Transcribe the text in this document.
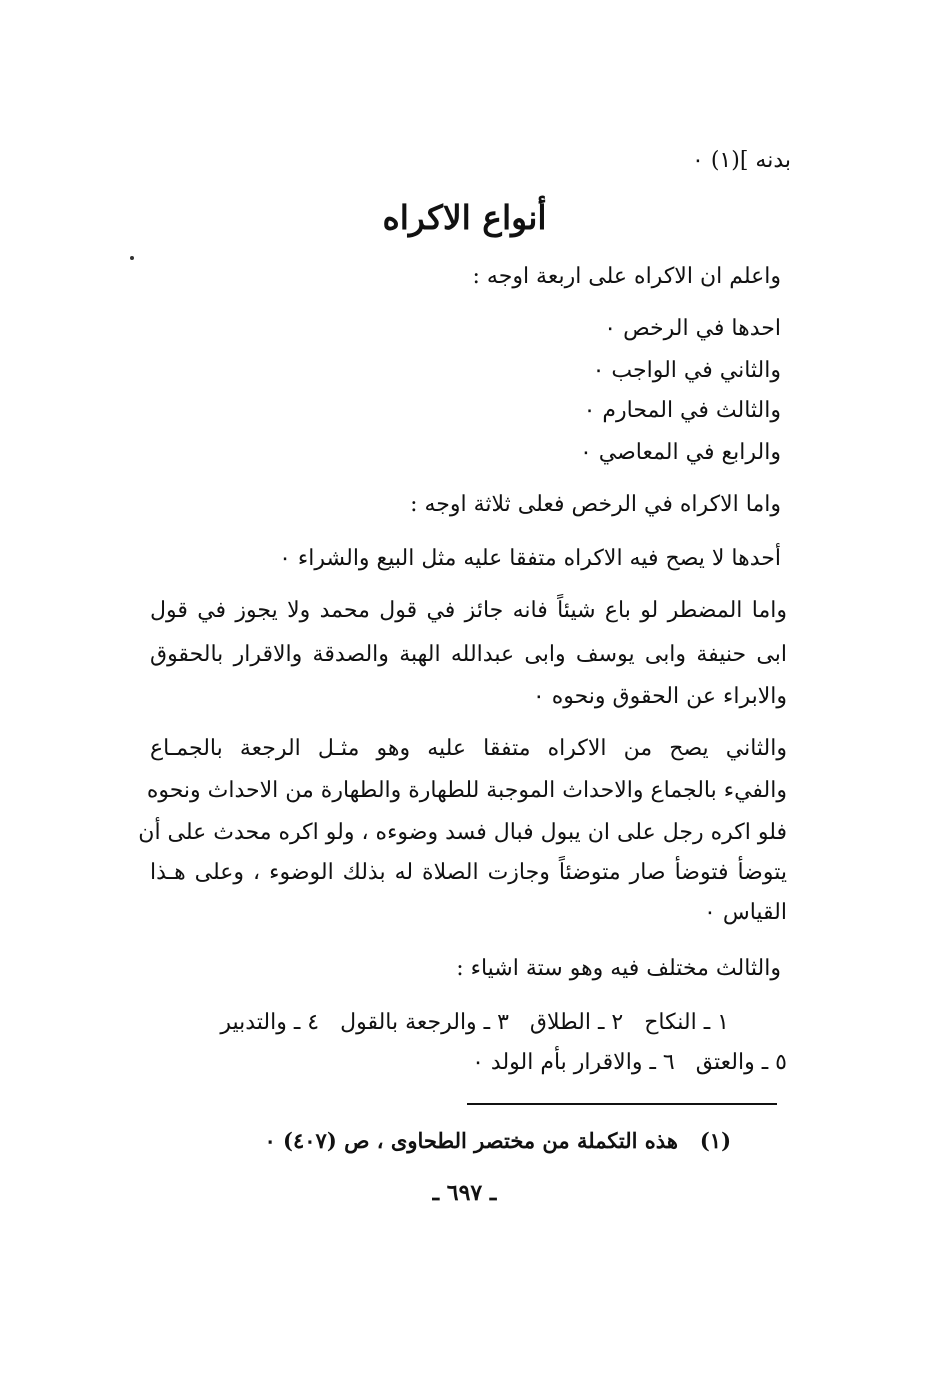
بدنه ](١) ٠
أنواع الاكراه
واعلم ان الاكراه على اربعة اوجه :
احدها في الرخص ٠
والثاني في الواجب ٠
والثالث في المحارم ٠
والرابع في المعاصي ٠
واما الاكراه في الرخص فعلى ثلاثة اوجه :
أحدها لا يصح فيه الاكراه متفقا عليه مثل البيع والشراء ٠
واما المضطر لو باع شيئاً فانه جائز في قول محمد ولا يجوز في قول
ابى حنيفة وابى يوسف وابى عبدالله الهبة والصدقة والاقرار بالحقوق
والابراء عن الحقوق ونحوه ٠
والثاني يصح من الاكراه متفقا عليه وهو مثـل الرجعة بالجمـاع
والفيء بالجماع والاحداث الموجبة للطهارة والطهارة من الاحداث ونحوه
فلو اكره رجل على ان يبول فبال فسد وضوءه ، ولو اكره محدث على أن
يتوضأ فتوضأ صار متوضئاً وجازت الصلاة له بذلك الوضوء ، وعلى هـذا
القياس ٠
والثالث مختلف فيه وهو ستة اشياء :
١ ـ النكاح   ٢ ـ الطلاق   ٣ ـ والرجعة بالقول   ٤ ـ والتدبير
٥ ـ والعتق   ٦ ـ والاقرار بأم الولد ٠
(١)   هذه التكملة من مختصر الطحاوى ، ص (٤٠٧) ٠
ـ ٦٩٧ ـ
